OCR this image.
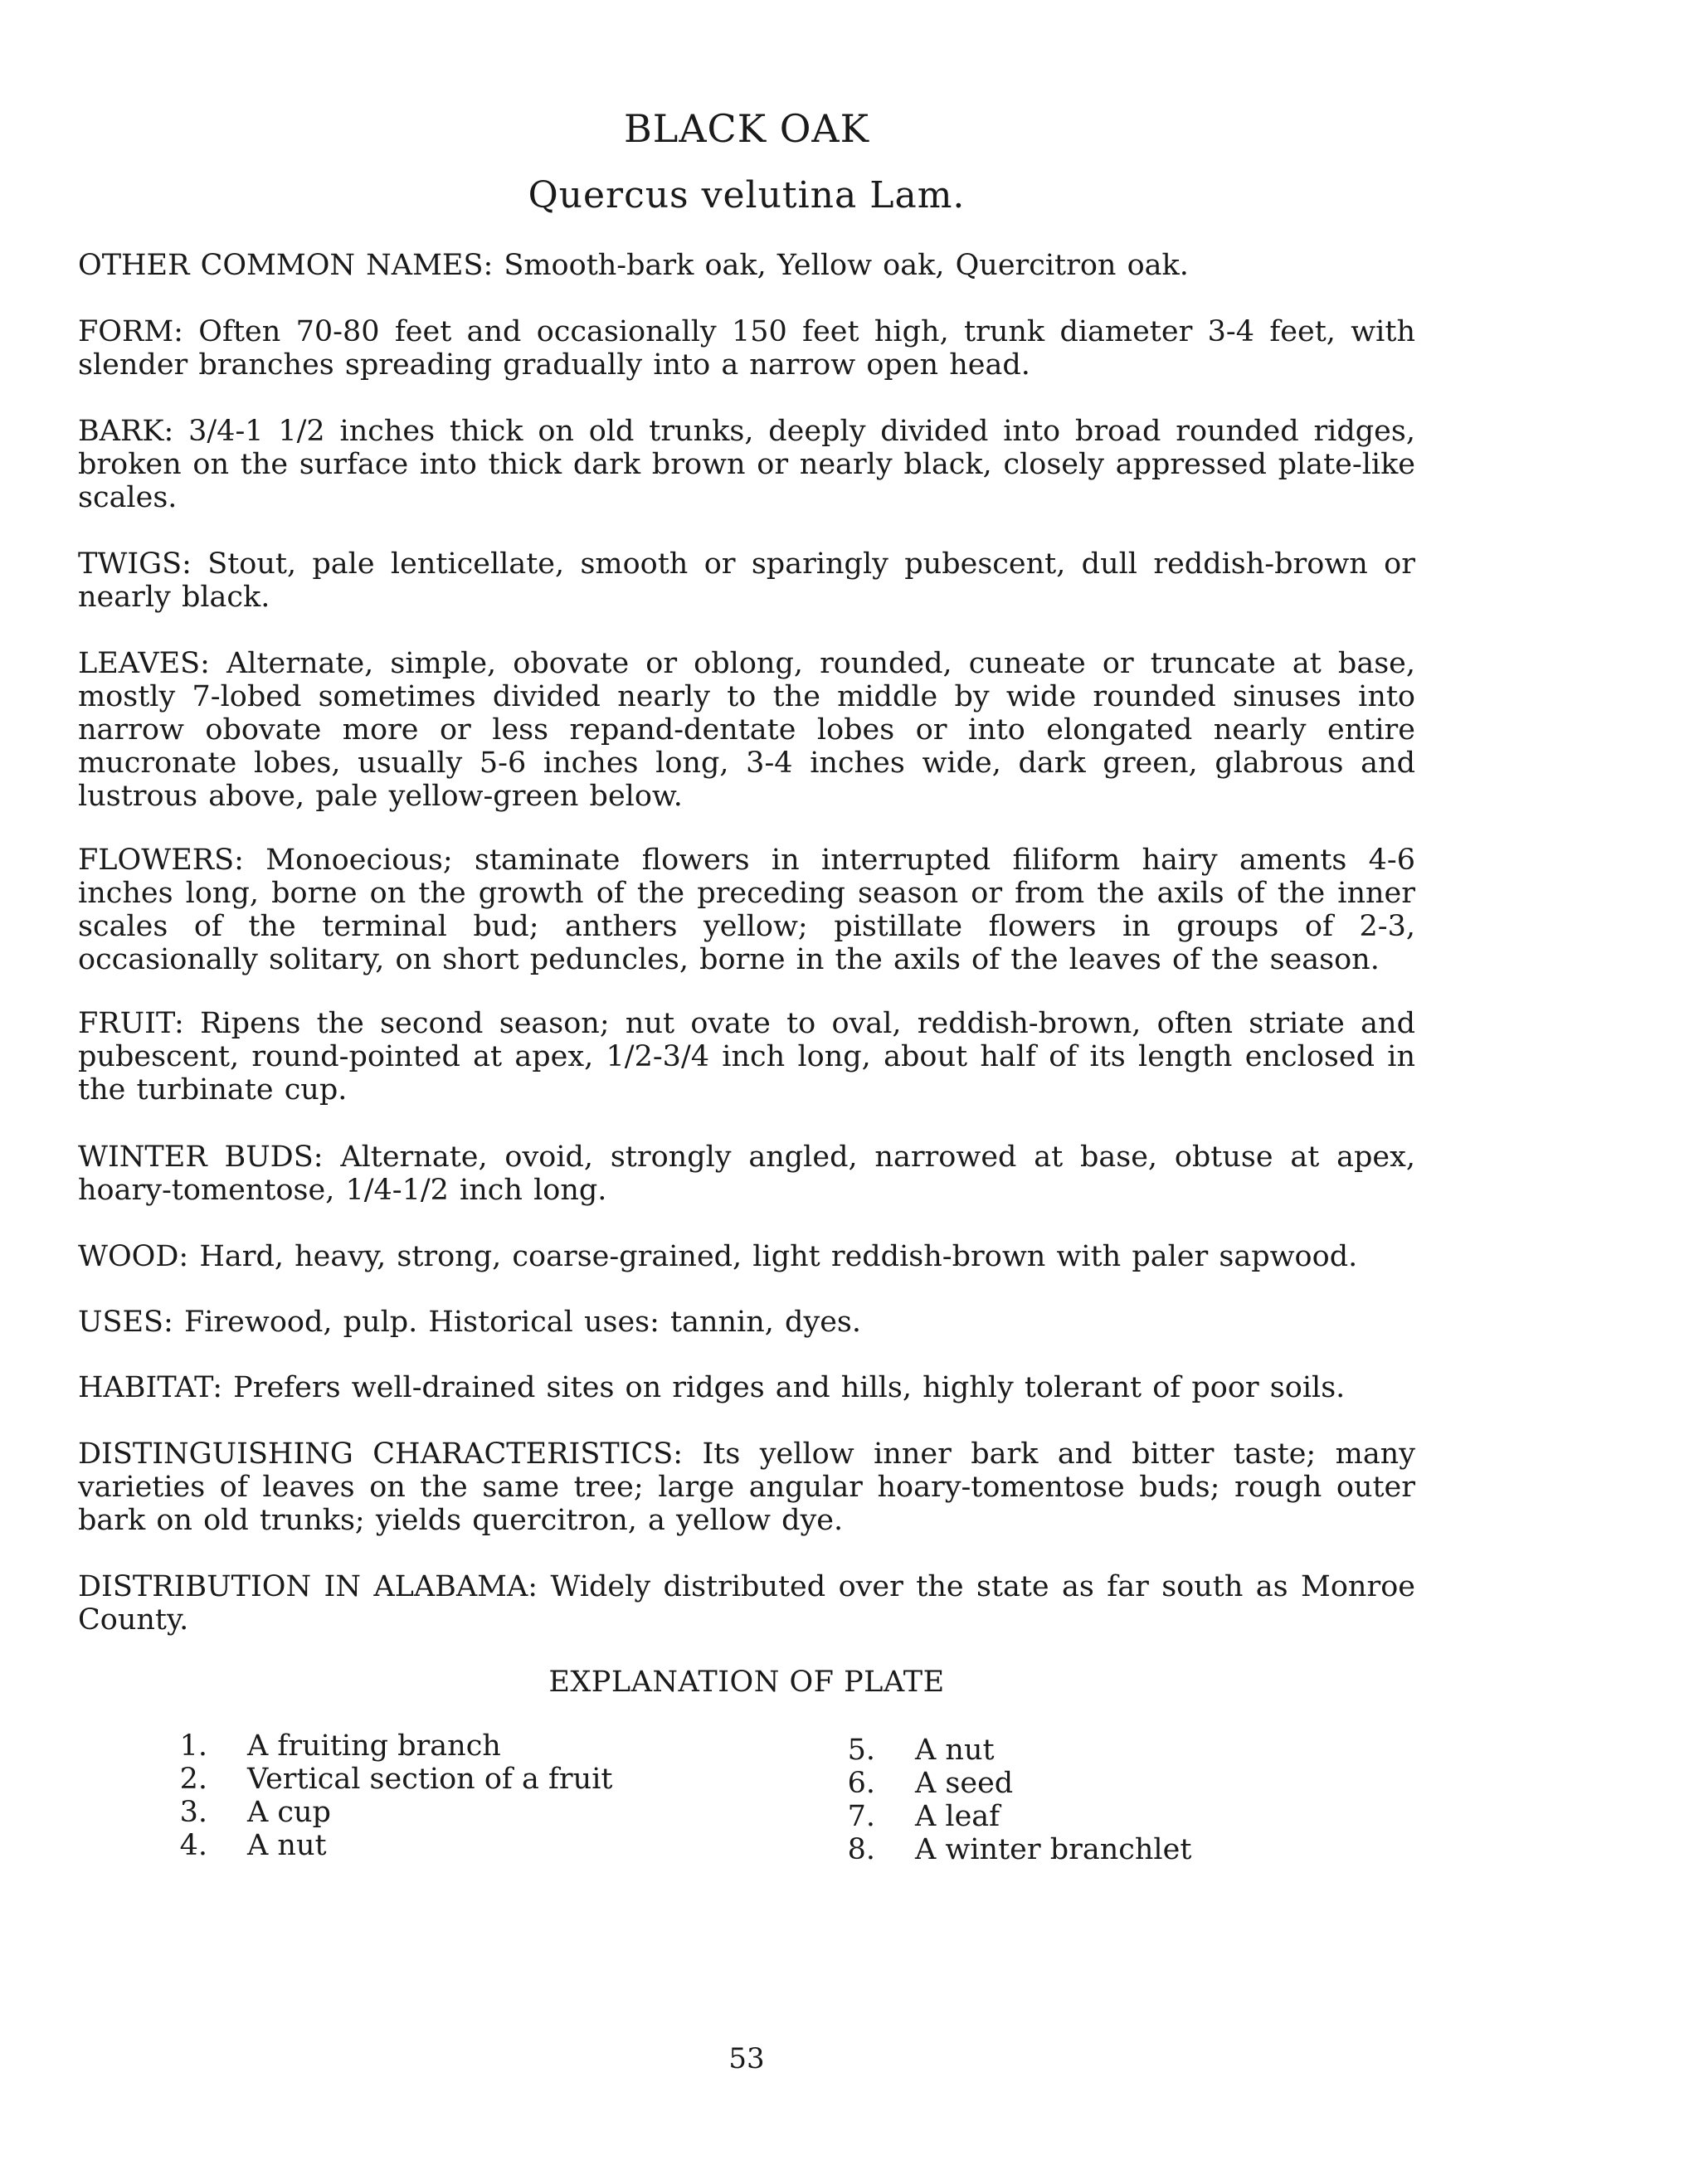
BLACK OAK
Quercus velutina Lam.
OTHER COMMON NAMES: Smooth-bark oak, Yellow oak, Quercitron oak.
FORM: Often 70-80 feet and occasionally 150 feet high, trunk diameter 3-4 feet, with slender branches spreading gradually into a narrow open head.
BARK: 3/4-1 1/2 inches thick on old trunks, deeply divided into broad rounded ridges, broken on the surface into thick dark brown or nearly black, closely appressed plate-like scales.
TWIGS: Stout, pale lenticellate, smooth or sparingly pubescent, dull reddish-brown or nearly black.
LEAVES: Alternate, simple, obovate or oblong, rounded, cuneate or truncate at base, mostly 7-lobed sometimes divided nearly to the middle by wide rounded sinuses into narrow obovate more or less repand-dentate lobes or into elongated nearly entire mucronate lobes, usually 5-6 inches long, 3-4 inches wide, dark green, glabrous and lustrous above, pale yellow-green below.
FLOWERS: Monoecious; staminate flowers in interrupted filiform hairy aments 4-6 inches long, borne on the growth of the preceding season or from the axils of the inner scales of the terminal bud; anthers yellow; pistillate flowers in groups of 2-3, occasionally solitary, on short peduncles, borne in the axils of the leaves of the season.
FRUIT: Ripens the second season; nut ovate to oval, reddish-brown, often striate and pubescent, round-pointed at apex, 1/2-3/4 inch long, about half of its length enclosed in the turbinate cup.
WINTER BUDS: Alternate, ovoid, strongly angled, narrowed at base, obtuse at apex, hoary-tomentose, 1/4-1/2 inch long.
WOOD: Hard, heavy, strong, coarse-grained, light reddish-brown with paler sapwood.
USES: Firewood, pulp. Historical uses: tannin, dyes.
HABITAT: Prefers well-drained sites on ridges and hills, highly tolerant of poor soils.
DISTINGUISHING CHARACTERISTICS: Its yellow inner bark and bitter taste; many varieties of leaves on the same tree; large angular hoary-tomentose buds; rough outer bark on old trunks; yields quercitron, a yellow dye.
DISTRIBUTION IN ALABAMA: Widely distributed over the state as far south as Monroe County.
EXPLANATION OF PLATE
1.	A fruiting branch
2.	Vertical section of a fruit
3.	A cup
4.	A nut
5.	A nut
6.	A seed
7.	A leaf
8.	A winter branchlet
53
